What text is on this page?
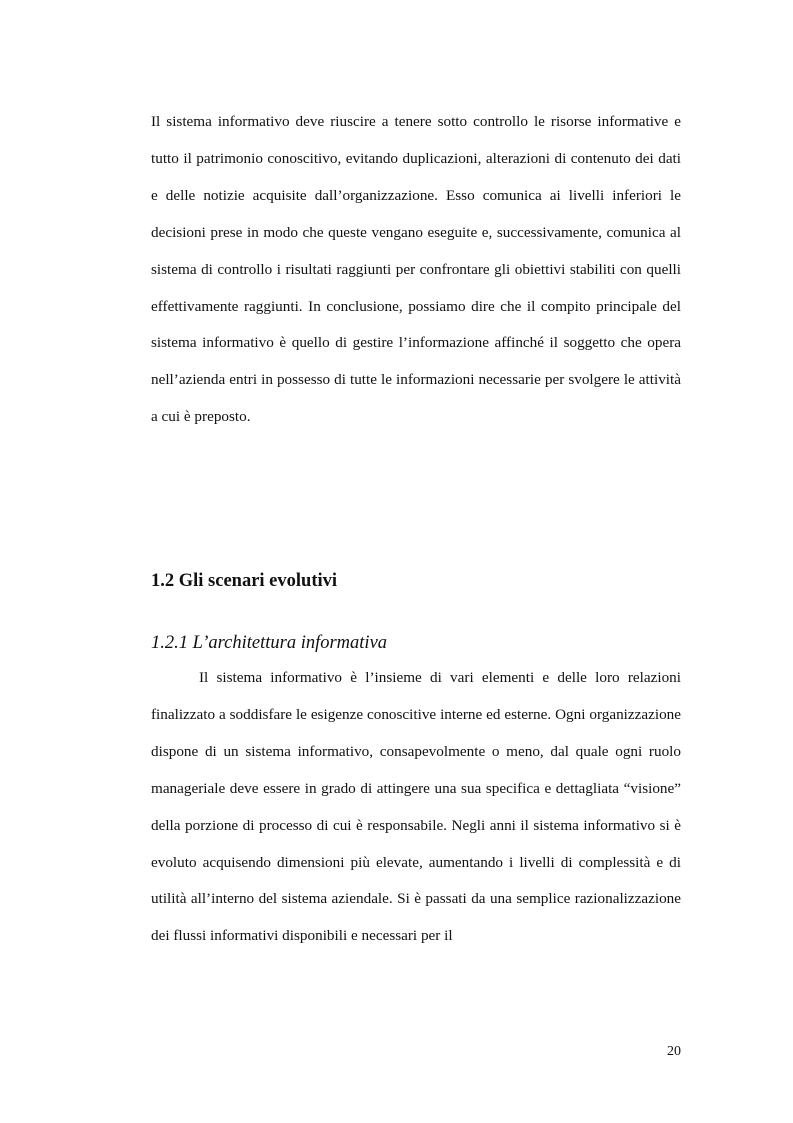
Il sistema informativo deve riuscire a tenere sotto controllo le risorse informative e tutto il patrimonio conoscitivo, evitando duplicazioni, alterazioni di contenuto dei dati e delle notizie acquisite dall’organizzazione. Esso comunica ai livelli inferiori le decisioni prese in modo che queste vengano eseguite e, successivamente, comunica al sistema di controllo i risultati raggiunti per confrontare gli obiettivi stabiliti con quelli effettivamente raggiunti. In conclusione, possiamo dire che il compito principale del sistema informativo è quello di gestire l’informazione affinché il soggetto che opera nell’azienda entri in possesso di tutte le informazioni necessarie per svolgere le attività a cui è preposto.

1.2 Gli scenari evolutivi
1.2.1 L’architettura informativa

Il sistema informativo è l’insieme di vari elementi e delle loro relazioni finalizzato a soddisfare le esigenze conoscitive interne ed esterne. Ogni organizzazione dispone di un sistema informativo, consapevolmente o meno, dal quale ogni ruolo manageriale deve essere in grado di attingere una sua specifica e dettagliata “visione” della porzione di processo di cui è responsabile. Negli anni il sistema informativo si è evoluto acquisendo dimensioni più elevate, aumentando i livelli di complessità e di utilità all’interno del sistema aziendale. Si è passati da una semplice razionalizzazione dei flussi informativi disponibili e necessari per il

20
